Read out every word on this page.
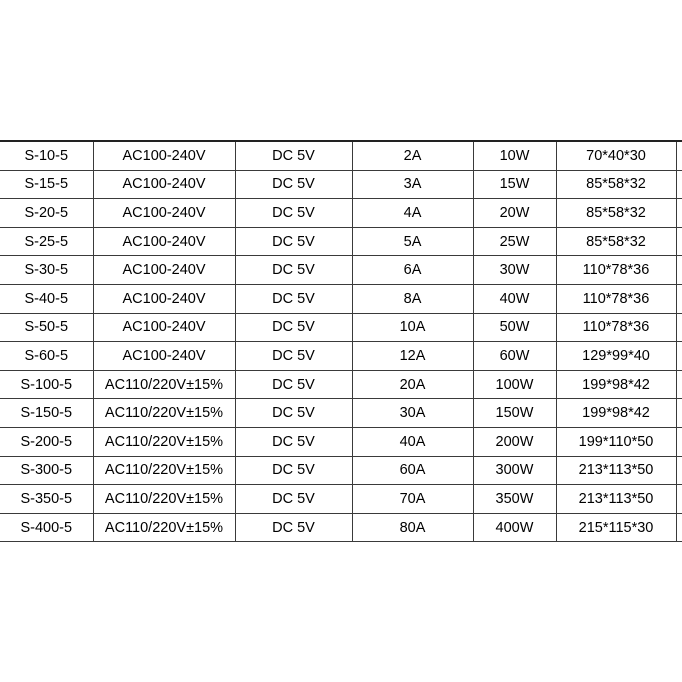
S-10-5	AC100-240V	DC 5V	2A	10W	70*40*30	
S-15-5	AC100-240V	DC 5V	3A	15W	85*58*32	
S-20-5	AC100-240V	DC 5V	4A	20W	85*58*32	
S-25-5	AC100-240V	DC 5V	5A	25W	85*58*32	
S-30-5	AC100-240V	DC 5V	6A	30W	110*78*36	
S-40-5	AC100-240V	DC 5V	8A	40W	110*78*36	
S-50-5	AC100-240V	DC 5V	10A	50W	110*78*36	
S-60-5	AC100-240V	DC 5V	12A	60W	129*99*40	
S-100-5	AC110/220V±15%	DC 5V	20A	100W	199*98*42	
S-150-5	AC110/220V±15%	DC 5V	30A	150W	199*98*42	
S-200-5	AC110/220V±15%	DC 5V	40A	200W	199*110*50	
S-300-5	AC110/220V±15%	DC 5V	60A	300W	213*113*50	
S-350-5	AC110/220V±15%	DC 5V	70A	350W	213*113*50	
S-400-5	AC110/220V±15%	DC 5V	80A	400W	215*115*30	
